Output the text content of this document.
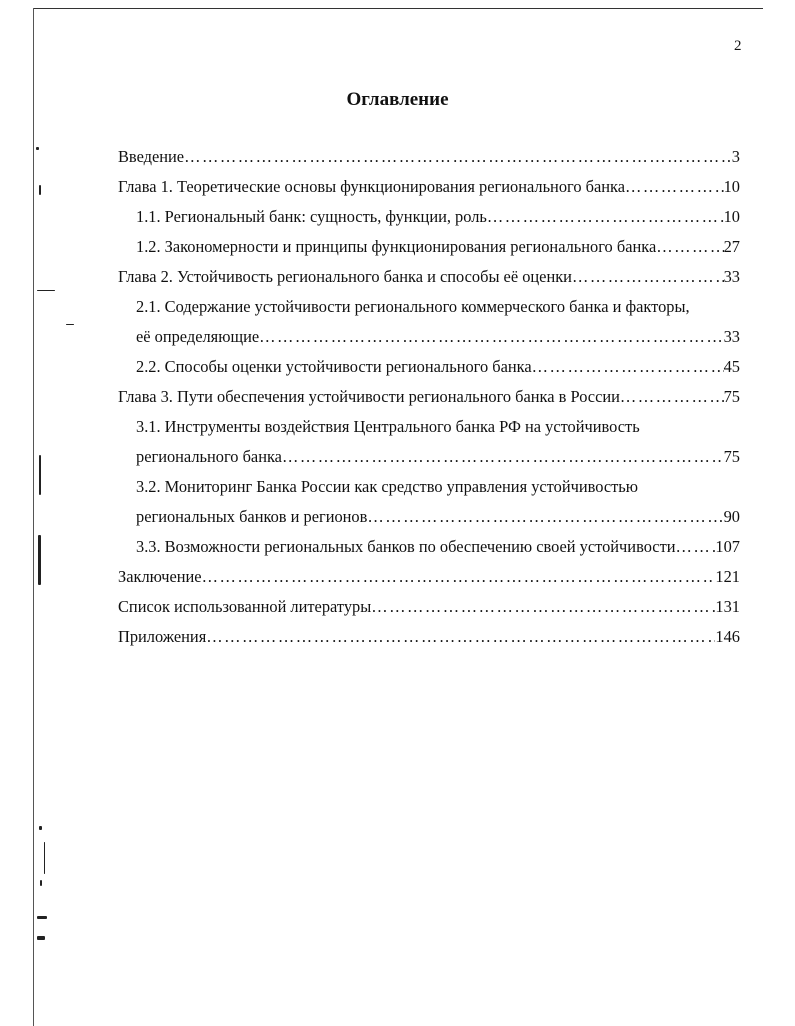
2
Оглавление
Введение ……………………………………………………………………………………………………………………………………………………	3
Глава 1. Теоретические основы функционирования регионального банка ……………………………………………………………………………………………………………………………………………………	10
1.1. Региональный банк: сущность, функции, роль ……………………………………………………………………………………………………………………………………………………	10
1.2. Закономерности и принципы функционирования регионального банка ……………………………………………………………………………………………………………………………………………………	27
Глава 2. Устойчивость регионального банка и способы её оценки ……………………………………………………………………………………………………………………………………………………	33
2.1. Содержание устойчивости регионального коммерческого банка и факторы,
её определяющие ……………………………………………………………………………………………………………………………………………………	33
2.2. Способы оценки устойчивости регионального банка ……………………………………………………………………………………………………………………………………………………	45
Глава 3. Пути обеспечения устойчивости регионального банка в России ……………………………………………………………………………………………………………………………………………………	75
3.1. Инструменты воздействия Центрального банка РФ на устойчивость
регионального банка ……………………………………………………………………………………………………………………………………………………	75
3.2. Мониторинг Банка России как средство управления устойчивостью
региональных банков и регионов ……………………………………………………………………………………………………………………………………………………	90
3.3. Возможности региональных банков по обеспечению своей устойчивости …………………………………………………………………………………………………………………………………………………… 107
Заключение ……………………………………………………………………………………………………………………………………………………	121
Список использованной литературы ……………………………………………………………………………………………………………………………………………………	131
Приложения ……………………………………………………………………………………………………………………………………………………	146
